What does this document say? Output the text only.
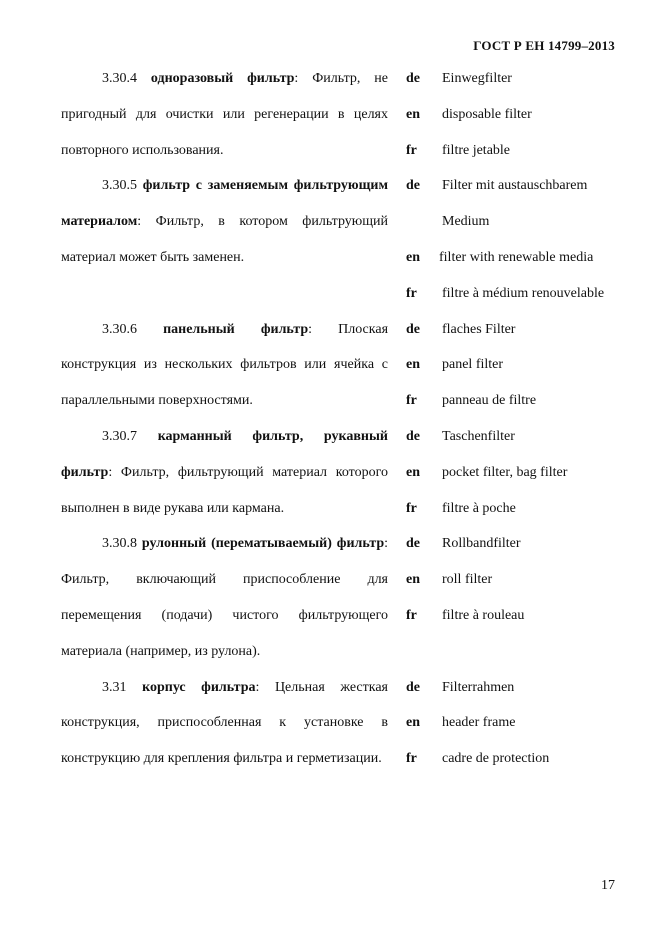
ГОСТ Р ЕН 14799–2013

3.30.4 одноразовый фильтр: Фильтр, не пригодный для очистки или регенерации в целях повторного использования.

de Einwegfilter
en disposable filter
fr filtre jetable

3.30.5 фильтр с заменяемым фильтрующим материалом: Фильтр, в котором фильтрующий материал может быть заменен.

de Filter mit austauschbarem
Medium
en filter with renewable media
fr filtre à médium renouvelable

3.30.6 панельный фильтр: Плоская конструкция из нескольких фильтров или ячейка с параллельными поверхностями.

de flaches Filter
en panel filter
fr panneau de filtre

3.30.7 карманный фильтр, рукавный фильтр: Фильтр, фильтрующий материал которого выполнен в виде рукава или кармана.

de Taschenfilter
en pocket filter, bag filter
fr filtre à poche

3.30.8 рулонный (перематываемый) фильтр: Фильтр, включающий приспособление для перемещения (подачи) чистого фильтрующего материала (например, из рулона).

de Rollbandfilter
en roll filter
fr filtre à rouleau

3.31 корпус фильтра: Цельная жесткая конструкция, приспособленная к установке в конструкцию для крепления фильтра и герметизации.

de Filterrahmen
en header frame
fr cadre de protection
17
